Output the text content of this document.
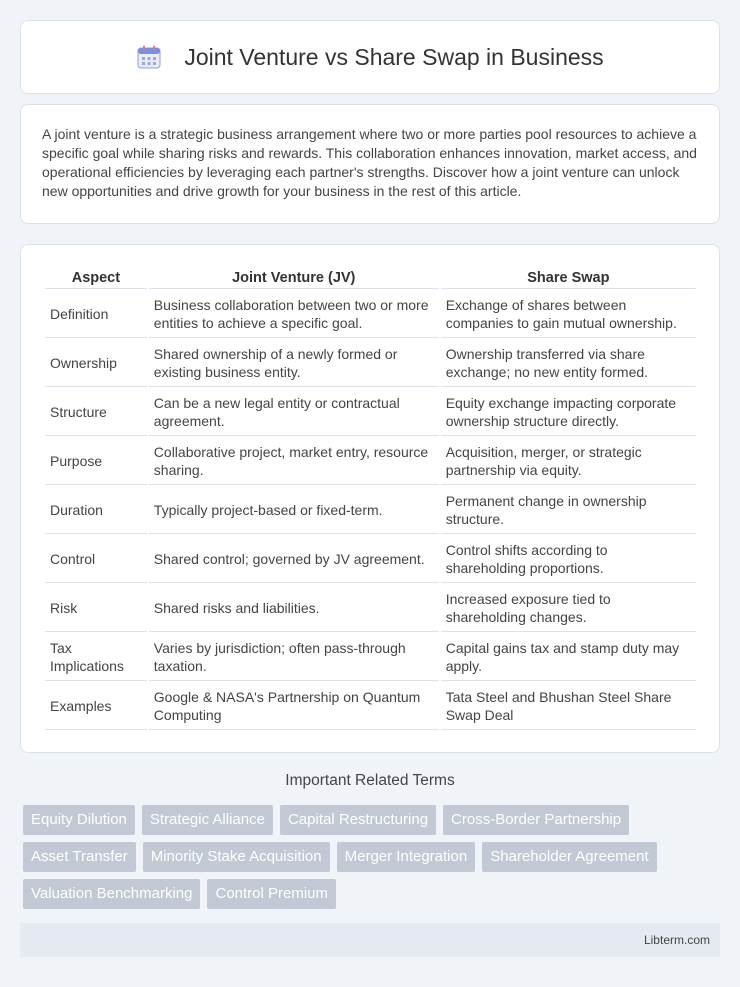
Joint Venture vs Share Swap in Business

A joint venture is a strategic business arrangement where two or more parties pool resources to achieve a specific goal while sharing risks and rewards. This collaboration enhances innovation, market access, and operational efficiencies by leveraging each partner's strengths. Discover how a joint venture can unlock new opportunities and drive growth for your business in the rest of this article.

Aspect	Joint Venture (JV)	Share Swap
Definition	Business collaboration between two or more entities to achieve a specific goal.	Exchange of shares between companies to gain mutual ownership.
Ownership	Shared ownership of a newly formed or existing business entity.	Ownership transferred via share exchange; no new entity formed.
Structure	Can be a new legal entity or contractual agreement.	Equity exchange impacting corporate ownership structure directly.
Purpose	Collaborative project, market entry, resource sharing.	Acquisition, merger, or strategic partnership via equity.
Duration	Typically project-based or fixed-term.	Permanent change in ownership structure.
Control	Shared control; governed by JV agreement.	Control shifts according to shareholding proportions.
Risk	Shared risks and liabilities.	Increased exposure tied to shareholding changes.
Tax Implications	Varies by jurisdiction; often pass-through taxation.	Capital gains tax and stamp duty may apply.
Examples	Google & NASA's Partnership on Quantum Computing	Tata Steel and Bhushan Steel Share Swap Deal
Important Related Terms
Equity Dilution	Strategic Alliance	Capital Restructuring	Cross-Border Partnership
Asset Transfer	Minority Stake Acquisition	Merger Integration	Shareholder Agreement
Valuation Benchmarking	Control Premium
Libterm.com
